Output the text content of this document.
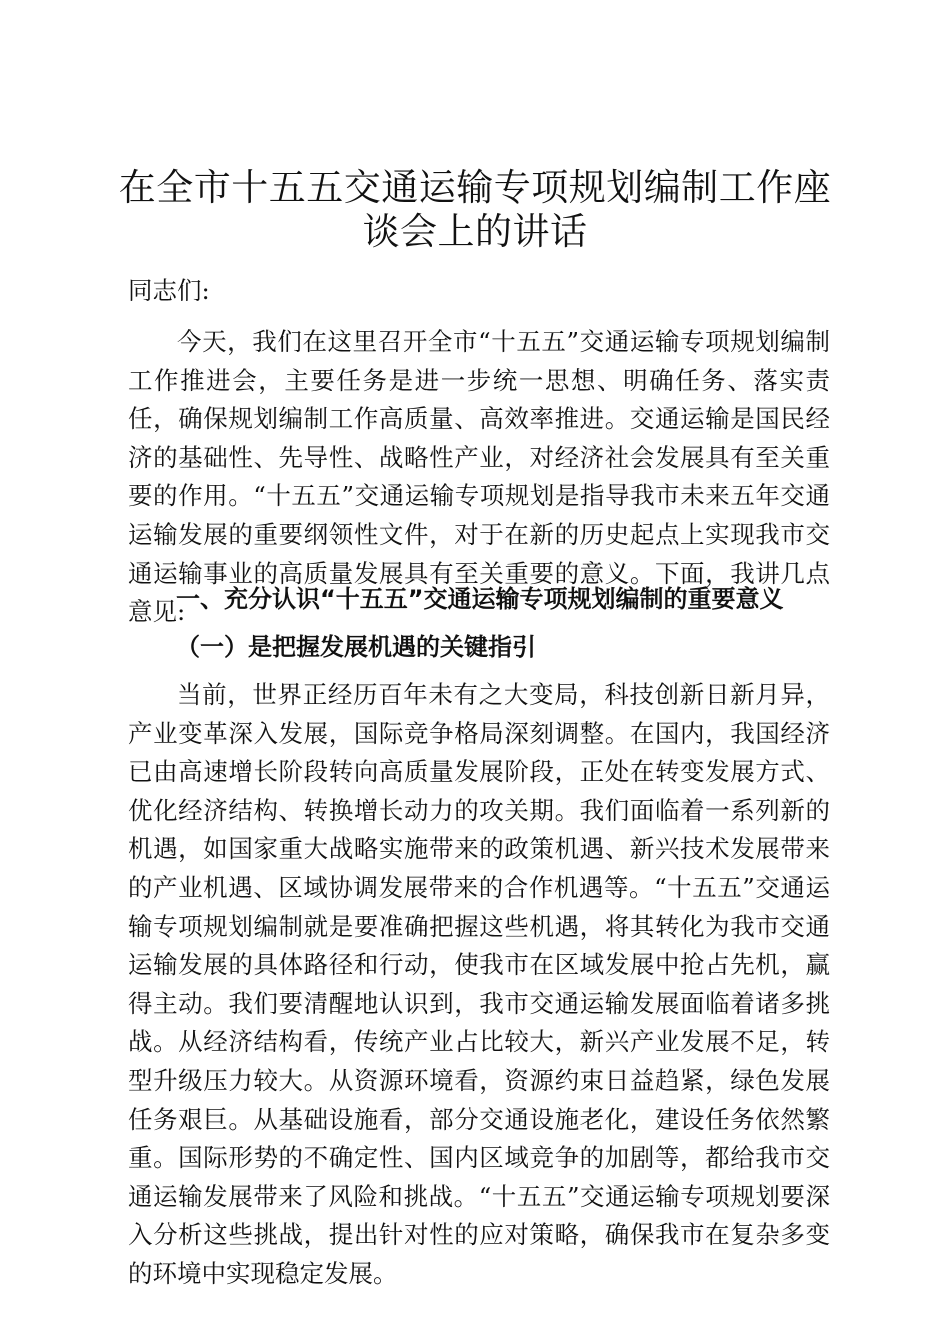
在全市十五五交通运输专项规划编制工作座谈会上的讲话
同志们:
今天，我们在这里召开全市“十五五”交通运输专项规划编制工作推进会，主要任务是进一步统一思想、明确任务、落实责任，确保规划编制工作高质量、高效率推进。交通运输是国民经济的基础性、先导性、战略性产业，对经济社会发展具有至关重要的作用。“十五五”交通运输专项规划是指导我市未来五年交通运输发展的重要纲领性文件，对于在新的历史起点上实现我市交通运输事业的高质量发展具有至关重要的意义。下面，我讲几点意见:
一、充分认识“十五五”交通运输专项规划编制的重要意义
（一）是把握发展机遇的关键指引
当前，世界正经历百年未有之大变局，科技创新日新月异，产业变革深入发展，国际竞争格局深刻调整。在国内，我国经济已由高速增长阶段转向高质量发展阶段，正处在转变发展方式、优化经济结构、转换增长动力的攻关期。我们面临着一系列新的机遇，如国家重大战略实施带来的政策机遇、新兴技术发展带来的产业机遇、区域协调发展带来的合作机遇等。“十五五”交通运输专项规划编制就是要准确把握这些机遇，将其转化为我市交通运输发展的具体路径和行动，使我市在区域发展中抢占先机，赢得主动。我们要清醒地认识到，我市交通运输发展面临着诸多挑战。从经济结构看，传统产业占比较大，新兴产业发展不足，转型升级压力较大。从资源环境看，资源约束日益趋紧，绿色发展任务艰巨。从基础设施看，部分交通设施老化，建设任务依然繁重。国际形势的不确定性、国内区域竞争的加剧等，都给我市交通运输发展带来了风险和挑战。“十五五”交通运输专项规划要深入分析这些挑战，提出针对性的应对策略，确保我市在复杂多变的环境中实现稳定发展。
